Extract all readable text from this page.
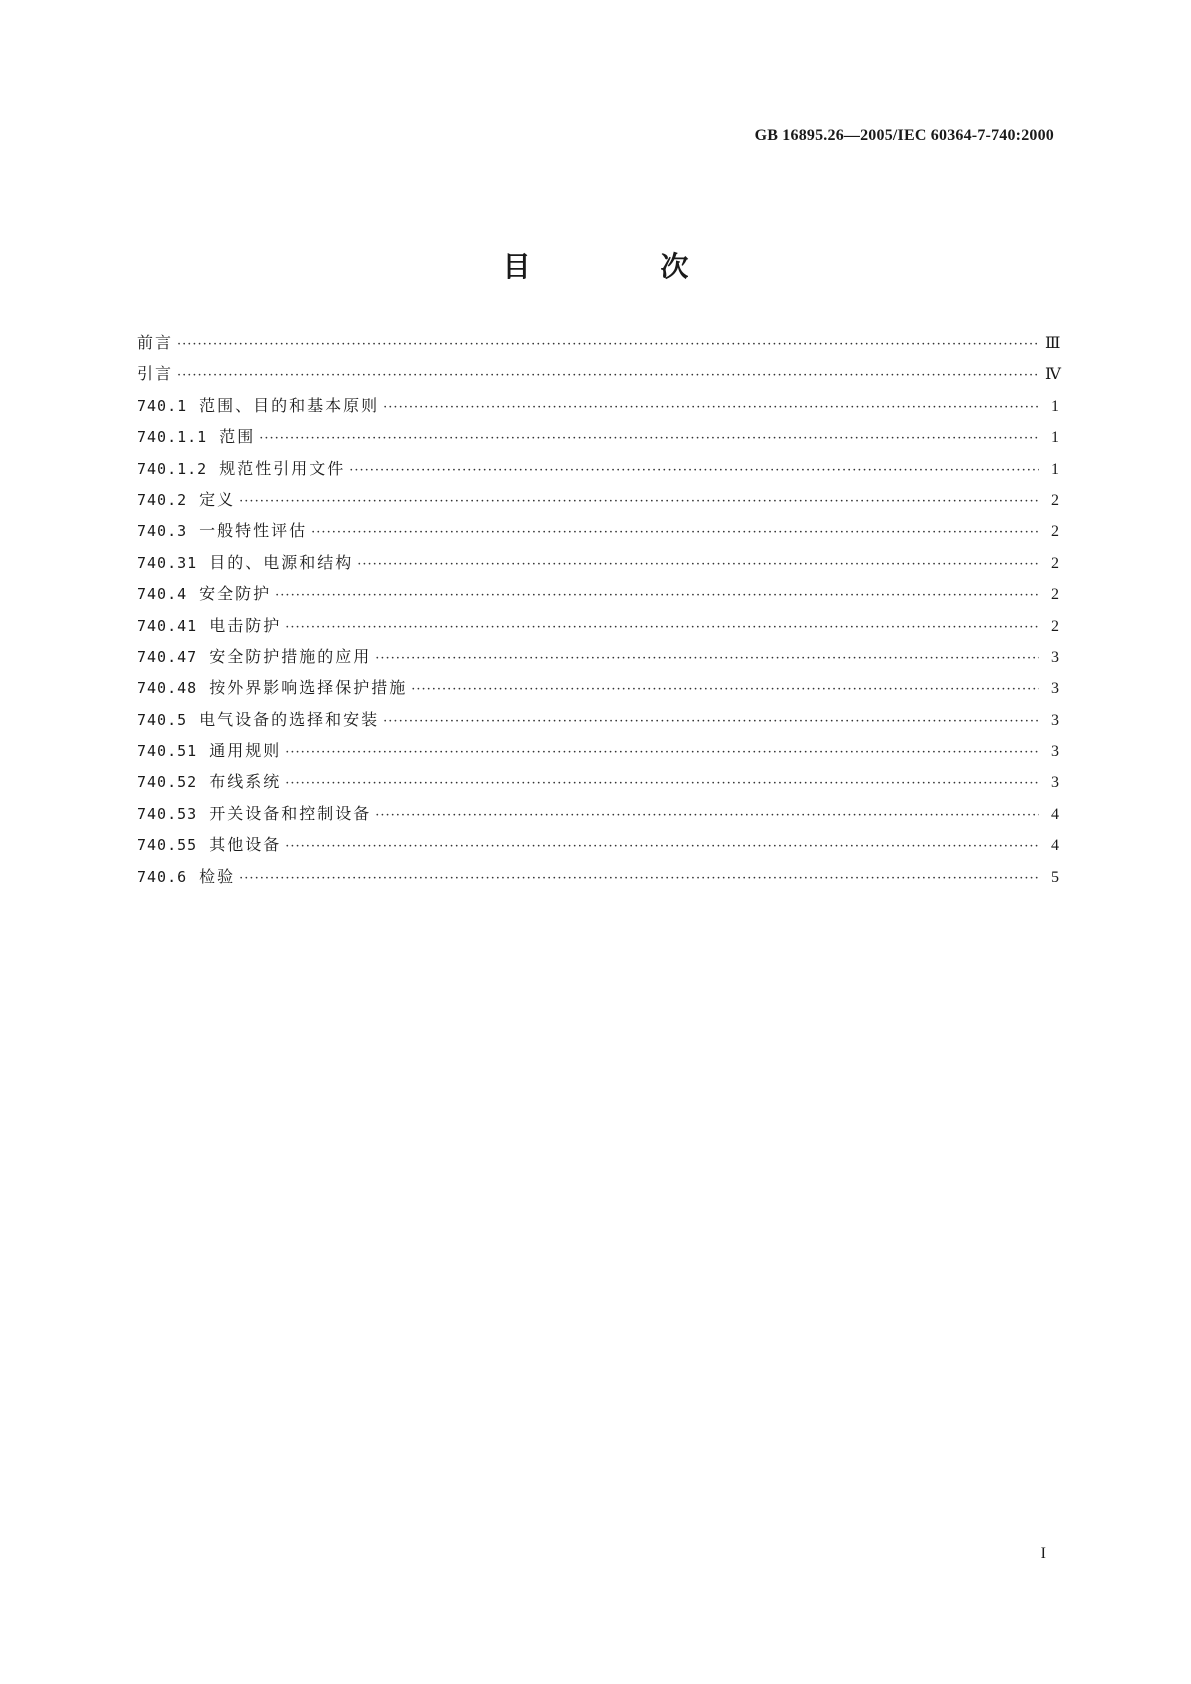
GB 16895.26—2005/IEC 60364-7-740:2000
目 次
前言 ·····	Ⅲ
引言 ·····	Ⅳ
740.1 范围、目的和基本原则 ·····	1
740.1.1 范围 ·····	1
740.1.2 规范性引用文件 ·····	1
740.2 定义 ·····	2
740.3 一般特性评估 ·····	2
740.31 目的、电源和结构 ·····	2
740.4 安全防护 ·····	2
740.41 电击防护 ·····	2
740.47 安全防护措施的应用 ·····	3
740.48 按外界影响选择保护措施 ·····	3
740.5 电气设备的选择和安装 ·····	3
740.51 通用规则 ·····	3
740.52 布线系统 ·····	3
740.53 开关设备和控制设备 ·····	4
740.55 其他设备 ·····	4
740.6 检验 ·····	5
I
